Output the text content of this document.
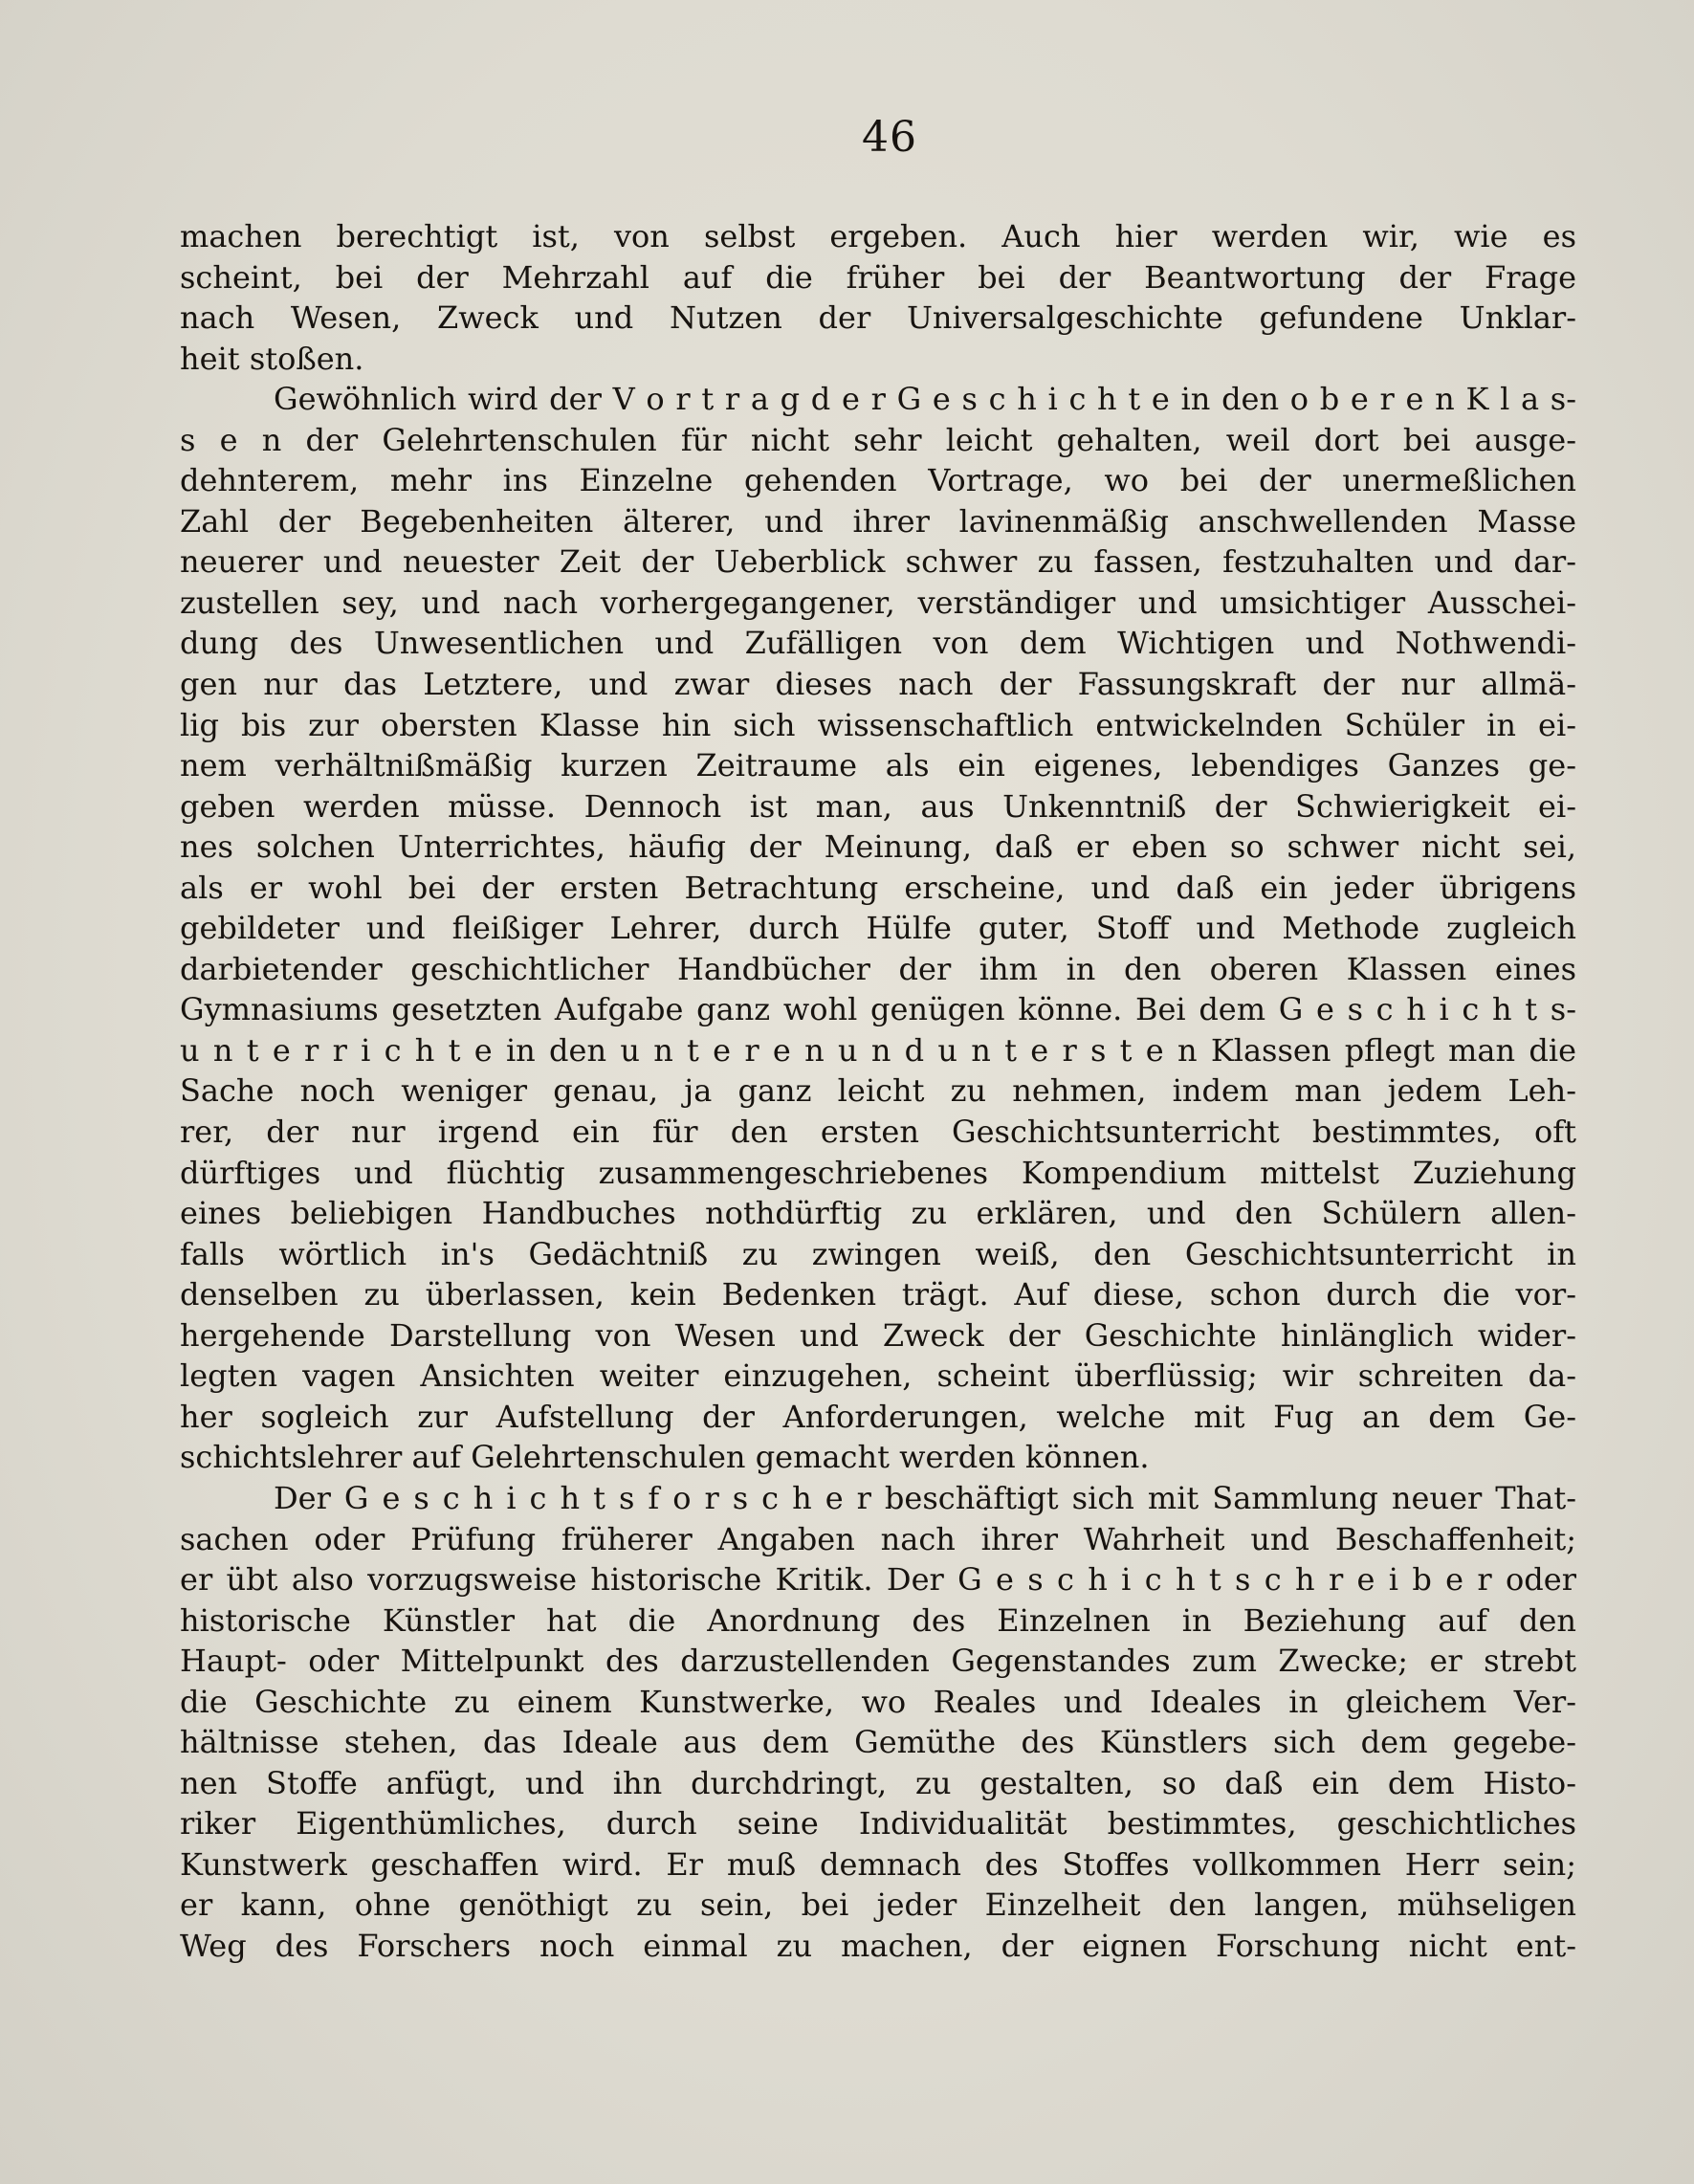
46
machen berechtigt ist, von selbst ergeben. Auch hier werden wir, wie es
scheint, bei der Mehrzahl auf die früher bei der Beantwortung der Frage
nach Wesen, Zweck und Nutzen der Universalgeschichte gefundene Unklar-
heit stoßen.
Gewöhnlich wird der V o r t r a g d e r G e s c h i c h t e in den o b e r e n K l a s-
s e n der Gelehrtenschulen für nicht sehr leicht gehalten, weil dort bei ausge-
dehnterem, mehr ins Einzelne gehenden Vortrage, wo bei der unermeßlichen
Zahl der Begebenheiten älterer, und ihrer lavinenmäßig anschwellenden Masse
neuerer und neuester Zeit der Ueberblick schwer zu fassen, festzuhalten und dar-
zustellen sey, und nach vorhergegangener, verständiger und umsichtiger Ausschei-
dung des Unwesentlichen und Zufälligen von dem Wichtigen und Nothwendi-
gen nur das Letztere, und zwar dieses nach der Fassungskraft der nur allmä-
lig bis zur obersten Klasse hin sich wissenschaftlich entwickelnden Schüler in ei-
nem verhältnißmäßig kurzen Zeitraume als ein eigenes, lebendiges Ganzes ge-
geben werden müsse. Dennoch ist man, aus Unkenntniß der Schwierigkeit ei-
nes solchen Unterrichtes, häufig der Meinung, daß er eben so schwer nicht sei,
als er wohl bei der ersten Betrachtung erscheine, und daß ein jeder übrigens
gebildeter und fleißiger Lehrer, durch Hülfe guter, Stoff und Methode zugleich
darbietender geschichtlicher Handbücher der ihm in den oberen Klassen eines
Gymnasiums gesetzten Aufgabe ganz wohl genügen könne. Bei dem G e s c h i c h t s-
u n t e r r i c h t e in den u n t e r e n u n d u n t e r s t e n Klassen pflegt man die
Sache noch weniger genau, ja ganz leicht zu nehmen, indem man jedem Leh-
rer, der nur irgend ein für den ersten Geschichtsunterricht bestimmtes, oft
dürftiges und flüchtig zusammengeschriebenes Kompendium mittelst Zuziehung
eines beliebigen Handbuches nothdürftig zu erklären, und den Schülern allen-
falls wörtlich in's Gedächtniß zu zwingen weiß, den Geschichtsunterricht in
denselben zu überlassen, kein Bedenken trägt. Auf diese, schon durch die vor-
hergehende Darstellung von Wesen und Zweck der Geschichte hinlänglich wider-
legten vagen Ansichten weiter einzugehen, scheint überflüssig; wir schreiten da-
her sogleich zur Aufstellung der Anforderungen, welche mit Fug an dem Ge-
schichtslehrer auf Gelehrtenschulen gemacht werden können.
Der G e s c h i c h t s f o r s c h e r beschäftigt sich mit Sammlung neuer That-
sachen oder Prüfung früherer Angaben nach ihrer Wahrheit und Beschaffenheit;
er übt also vorzugsweise historische Kritik. Der G e s c h i c h t s c h r e i b e r oder
historische Künstler hat die Anordnung des Einzelnen in Beziehung auf den
Haupt- oder Mittelpunkt des darzustellenden Gegenstandes zum Zwecke; er strebt
die Geschichte zu einem Kunstwerke, wo Reales und Ideales in gleichem Ver-
hältnisse stehen, das Ideale aus dem Gemüthe des Künstlers sich dem gegebe-
nen Stoffe anfügt, und ihn durchdringt, zu gestalten, so daß ein dem Histo-
riker Eigenthümliches, durch seine Individualität bestimmtes, geschichtliches
Kunstwerk geschaffen wird. Er muß demnach des Stoffes vollkommen Herr sein;
er kann, ohne genöthigt zu sein, bei jeder Einzelheit den langen, mühseligen
Weg des Forschers noch einmal zu machen, der eignen Forschung nicht ent-
